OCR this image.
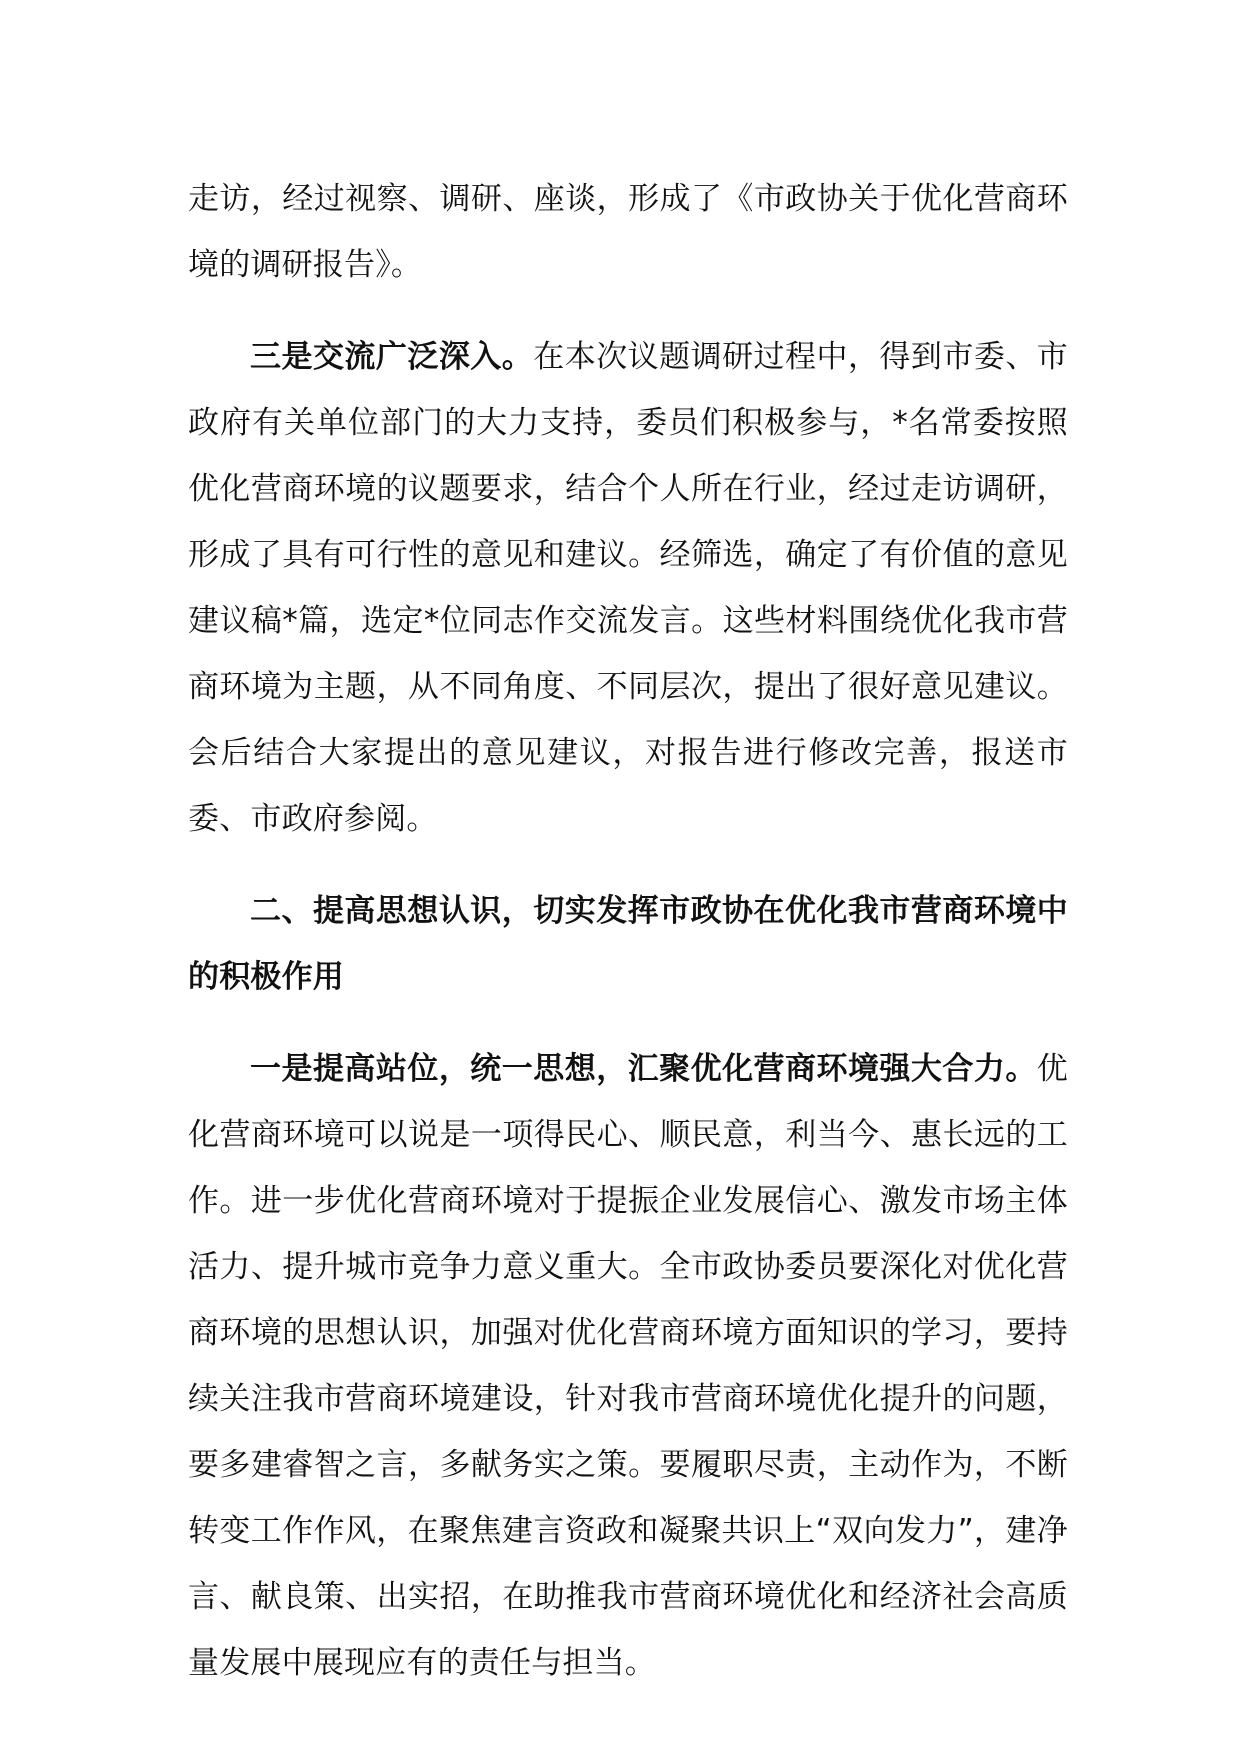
走访，经过视察、调研、座谈，形成了《市政协关于优化营商环境的调研报告》。

三是交流广泛深入。在本次议题调研过程中，得到市委、市政府有关单位部门的大力支持，委员们积极参与，*名常委按照优化营商环境的议题要求，结合个人所在行业，经过走访调研，形成了具有可行性的意见和建议。经筛选，确定了有价值的意见建议稿*篇，选定*位同志作交流发言。这些材料围绕优化我市营商环境为主题，从不同角度、不同层次，提出了很好意见建议。会后结合大家提出的意见建议，对报告进行修改完善，报送市委、市政府参阅。

二、提高思想认识，切实发挥市政协在优化我市营商环境中的积极作用

一是提高站位，统一思想，汇聚优化营商环境强大合力。优化营商环境可以说是一项得民心、顺民意，利当今、惠长远的工作。进一步优化营商环境对于提振企业发展信心、激发市场主体活力、提升城市竞争力意义重大。全市政协委员要深化对优化营商环境的思想认识，加强对优化营商环境方面知识的学习，要持续关注我市营商环境建设，针对我市营商环境优化提升的问题，要多建睿智之言，多献务实之策。要履职尽责，主动作为，不断转变工作作风，在聚焦建言资政和凝聚共识上“双向发力”，建净言、献良策、出实招，在助推我市营商环境优化和经济社会高质量发展中展现应有的责任与担当。
